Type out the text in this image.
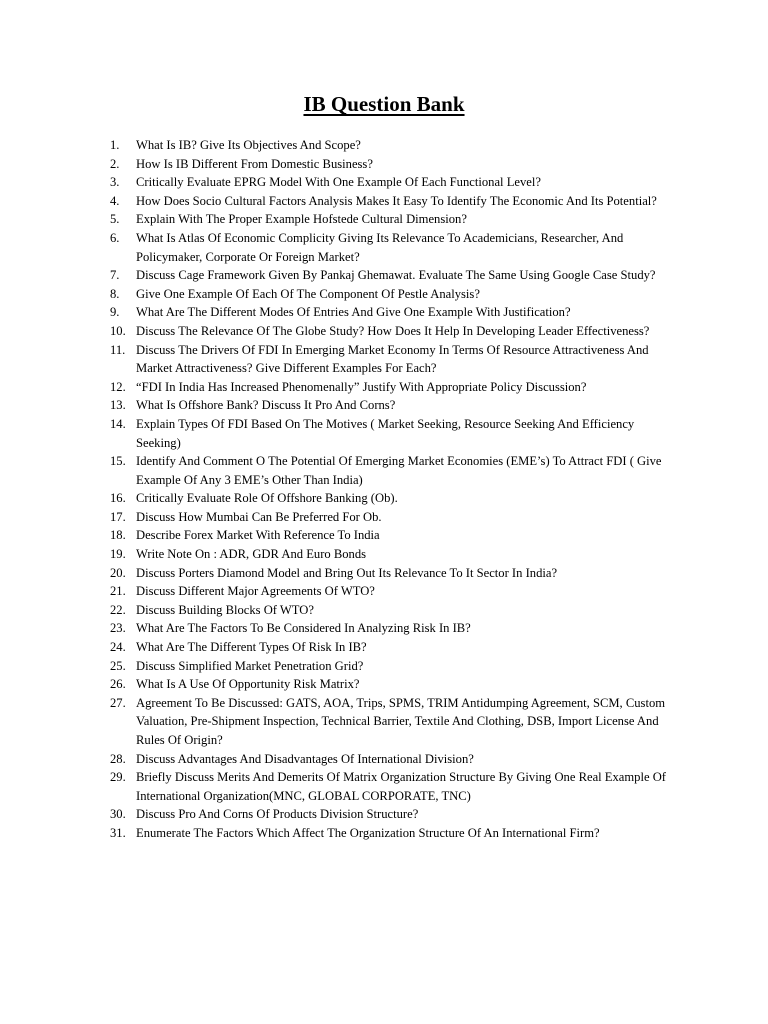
IB Question Bank
1.	What Is IB? Give Its Objectives And Scope?
2.	How Is IB Different From Domestic Business?
3.	Critically Evaluate EPRG Model With One Example Of Each Functional Level?
4.	How Does Socio Cultural Factors Analysis Makes It Easy To Identify The Economic And Its Potential?
5.	Explain With The Proper Example Hofstede Cultural Dimension?
6.	What Is Atlas Of Economic Complicity Giving Its Relevance To Academicians, Researcher, And Policymaker, Corporate Or Foreign Market?
7.	Discuss Cage Framework Given By Pankaj Ghemawat. Evaluate The Same Using Google Case Study?
8.	Give One Example Of Each Of The Component Of Pestle Analysis?
9.	What Are The Different Modes Of Entries And Give One Example With Justification?
10. Discuss The Relevance Of The Globe Study? How Does It Help In Developing Leader Effectiveness?
11. Discuss The Drivers Of FDI In Emerging Market Economy In Terms Of Resource Attractiveness And Market Attractiveness? Give Different Examples For Each?
12. “FDI In India Has Increased Phenomenally” Justify With Appropriate Policy Discussion?
13. What Is Offshore Bank? Discuss It Pro And Corns?
14. Explain Types Of FDI Based On The Motives ( Market Seeking, Resource Seeking And Efficiency Seeking)
15. Identify And Comment O The Potential Of Emerging Market Economies (EME’s) To Attract FDI ( Give Example Of Any 3 EME’s Other Than India)
16. Critically Evaluate Role Of Offshore Banking (Ob).
17. Discuss How Mumbai Can Be Preferred For Ob.
18. Describe Forex Market With Reference To India
19. Write Note On : ADR, GDR And Euro Bonds
20. Discuss Porters Diamond Model and Bring Out Its Relevance To It Sector In India?
21. Discuss Different Major Agreements Of WTO?
22. Discuss Building Blocks Of WTO?
23. What Are The Factors To Be Considered In Analyzing Risk In IB?
24. What Are The Different Types Of Risk In IB?
25. Discuss Simplified Market Penetration Grid?
26. What Is A Use Of Opportunity Risk Matrix?
27. Agreement To Be Discussed: GATS, AOA, Trips, SPMS, TRIM Antidumping Agreement, SCM, Custom Valuation, Pre-Shipment Inspection, Technical Barrier, Textile And Clothing, DSB, Import License And Rules Of Origin?
28. Discuss Advantages And Disadvantages Of International Division?
29. Briefly Discuss Merits And Demerits Of Matrix Organization Structure By Giving One Real Example Of International Organization(MNC, GLOBAL CORPORATE, TNC)
30. Discuss Pro And Corns Of Products Division Structure?
31. Enumerate The Factors Which Affect The Organization Structure Of An International Firm?
